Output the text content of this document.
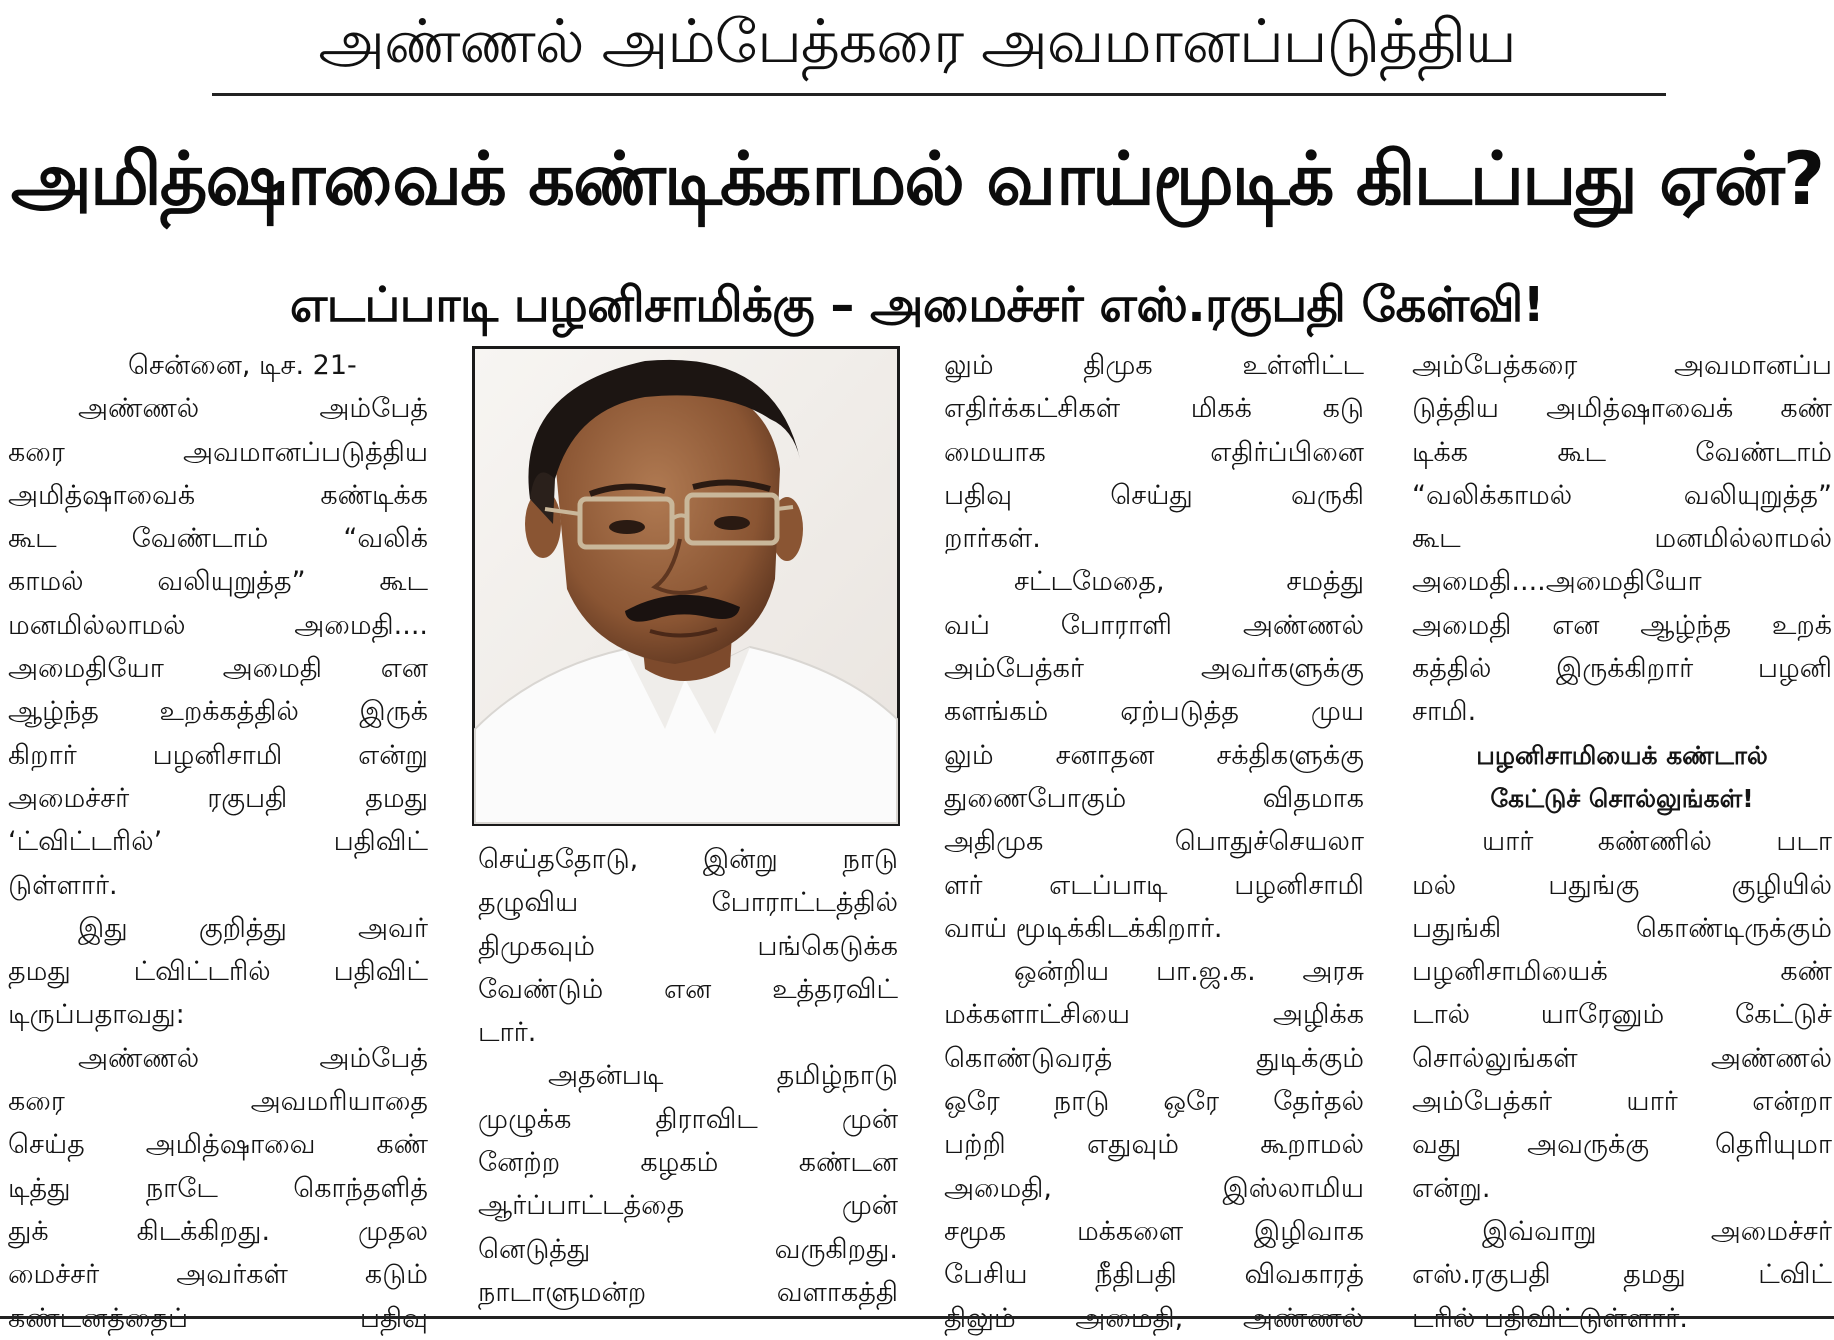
அண்ணல் அம்பேத்கரை அவமானப்படுத்திய
அமித்ஷாவைக் கண்டிக்காமல் வாய்மூடிக் கிடப்பது ஏன்?
எடப்பாடி பழனிசாமிக்கு – அமைச்சர் எஸ்.ரகுபதி கேள்வி!
சென்னை, டிச. 21-
அண்ணல் அம்பேத்
கரை அவமானப்படுத்திய
அமித்ஷாவைக் கண்டிக்க
கூட வேண்டாம் “வலிக்
காமல் வலியுறுத்த” கூட
மனமில்லாமல் அமைதி....
அமைதியோ அமைதி என
ஆழ்ந்த உறக்கத்தில் இருக்
கிறார் பழனிசாமி என்று
அமைச்சர் ரகுபதி தமது
‘ட்விட்டரில்’ பதிவிட்
டுள்ளார்.
இது குறித்து அவர்
தமது ட்விட்டரில் பதிவிட்
டிருப்பதாவது:
அண்ணல் அம்பேத்
கரை அவமரியாதை
செய்த அமித்ஷாவை கண்
டித்து நாடே கொந்தளித்
துக் கிடக்கிறது. முதல
மைச்சர் அவர்கள் கடும்
கண்டனத்தைப் பதிவு
செய்ததோடு, இன்று நாடு
தழுவிய போராட்டத்தில்
திமுகவும் பங்கெடுக்க
வேண்டும் என உத்தரவிட்
டார்.
அதன்படி தமிழ்நாடு
முழுக்க திராவிட முன்
னேற்ற கழகம் கண்டன
ஆர்ப்பாட்டத்தை முன்
னெடுத்து வருகிறது.
நாடாளுமன்ற வளாகத்தி
லும் திமுக உள்ளிட்ட
எதிர்க்கட்சிகள் மிகக் கடு
மையாக எதிர்ப்பினை
பதிவு செய்து வருகி
றார்கள்.
சட்டமேதை, சமத்து
வப் போராளி அண்ணல்
அம்பேத்கர் அவர்களுக்கு
களங்கம் ஏற்படுத்த முய
லும் சனாதன சக்திகளுக்கு
துணைபோகும் விதமாக
அதிமுக பொதுச்செயலா
ளர் எடப்பாடி பழனிசாமி
வாய் மூடிக்கிடக்கிறார்.
ஒன்றிய பா.ஜ.க. அரசு
மக்களாட்சியை அழிக்க
கொண்டுவரத் துடிக்கும்
ஒரே நாடு ஒரே தேர்தல்
பற்றி எதுவும் கூறாமல்
அமைதி, இஸ்லாமிய
சமூக மக்களை இழிவாக
பேசிய நீதிபதி விவகாரத்
திலும் அமைதி, அண்ணல்
அம்பேத்கரை அவமானப்ப
டுத்திய அமித்ஷாவைக் கண்
டிக்க கூட வேண்டாம்
“வலிக்காமல் வலியுறுத்த”
கூட மனமில்லாமல்
அமைதி....அமைதியோ
அமைதி என ஆழ்ந்த உறக்
கத்தில் இருக்கிறார் பழனி
சாமி.
பழனிசாமியைக் கண்டால்
கேட்டுச் சொல்லுங்கள்!
யார் கண்ணில் படா
மல் பதுங்கு குழியில்
பதுங்கி கொண்டிருக்கும்
பழனிசாமியைக் கண்
டால் யாரேனும் கேட்டுச்
சொல்லுங்கள் அண்ணல்
அம்பேத்கர் யார் என்றா
வது அவருக்கு தெரியுமா
என்று.
இவ்வாறு அமைச்சர்
எஸ்.ரகுபதி தமது ட்விட்
டரில் பதிவிட்டுள்ளார்.
